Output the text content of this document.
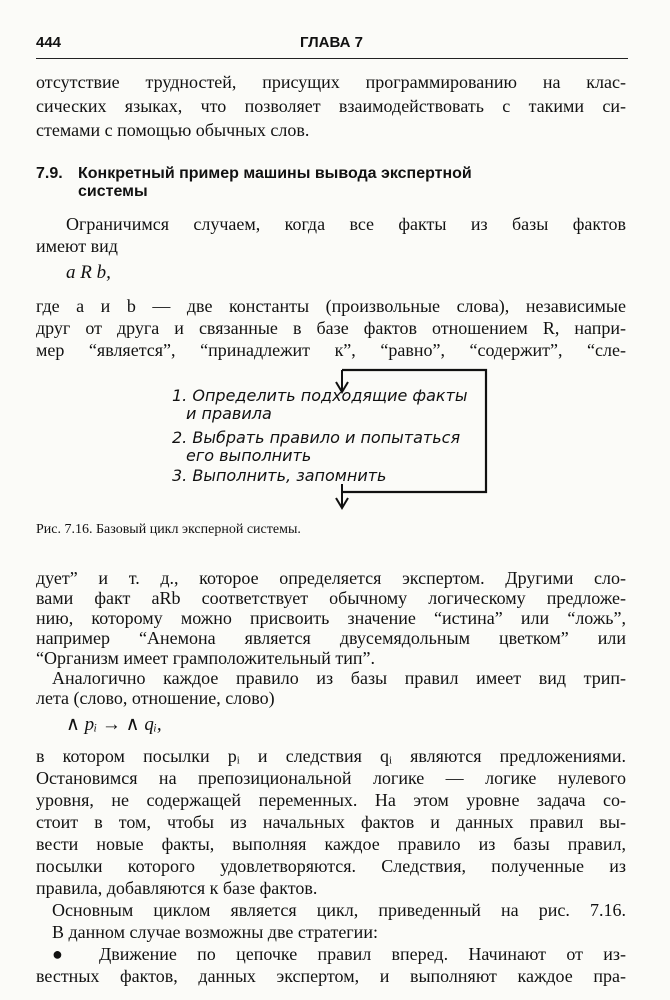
444	ГЛАВА 7
отсутствие трудностей, присущих программированию на клас-
сических языках, что позволяет взаимодействовать с такими си-
стемами с помощью обычных слов.
7.9. Конкретный пример машины вывода экспертной
системы
Ограничимся случаем, когда все факты из базы фактов
имеют вид
a R b,
где a и b — две константы (произвольные слова), независимые
друг от друга и связанные в базе фактов отношением R, напри-
мер “является”, “принадлежит к”, “равно”, “содержит”, “сле-
1. Определить подходящие факты
и правила
2. Выбрать правило и попытаться
его выполнить
3. Выполнить, запомнить
Рис. 7.16. Базовый цикл эксперной системы.
дует” и т. д., которое определяется экспертом. Другими сло-
вами факт aRb соответствует обычному логическому предложе-
нию, которому можно присвоить значение “истина” или “ложь”,
например “Анемона является двусемядольным цветком” или
“Организм имеет грамположительный тип”.
Аналогично каждое правило из базы правил имеет вид трип-
лета (слово, отношение, слово)
∧ pᵢ → ∧ qᵢ,
в котором посылки pᵢ и следствия qᵢ являются предложениями.
Остановимся на препозициональной логике — логике нулевого
уровня, не содержащей переменных. На этом уровне задача со-
стоит в том, чтобы из начальных фактов и данных правил вы-
вести новые факты, выполняя каждое правило из базы правил,
посылки которого удовлетворяются. Следствия, полученные из
правила, добавляются к базе фактов.
Основным циклом является цикл, приведенный на рис. 7.16.
В данном случае возможны две стратегии:
● Движение по цепочке правил вперед. Начинают от из-
вестных фактов, данных экспертом, и выполняют каждое пра-
